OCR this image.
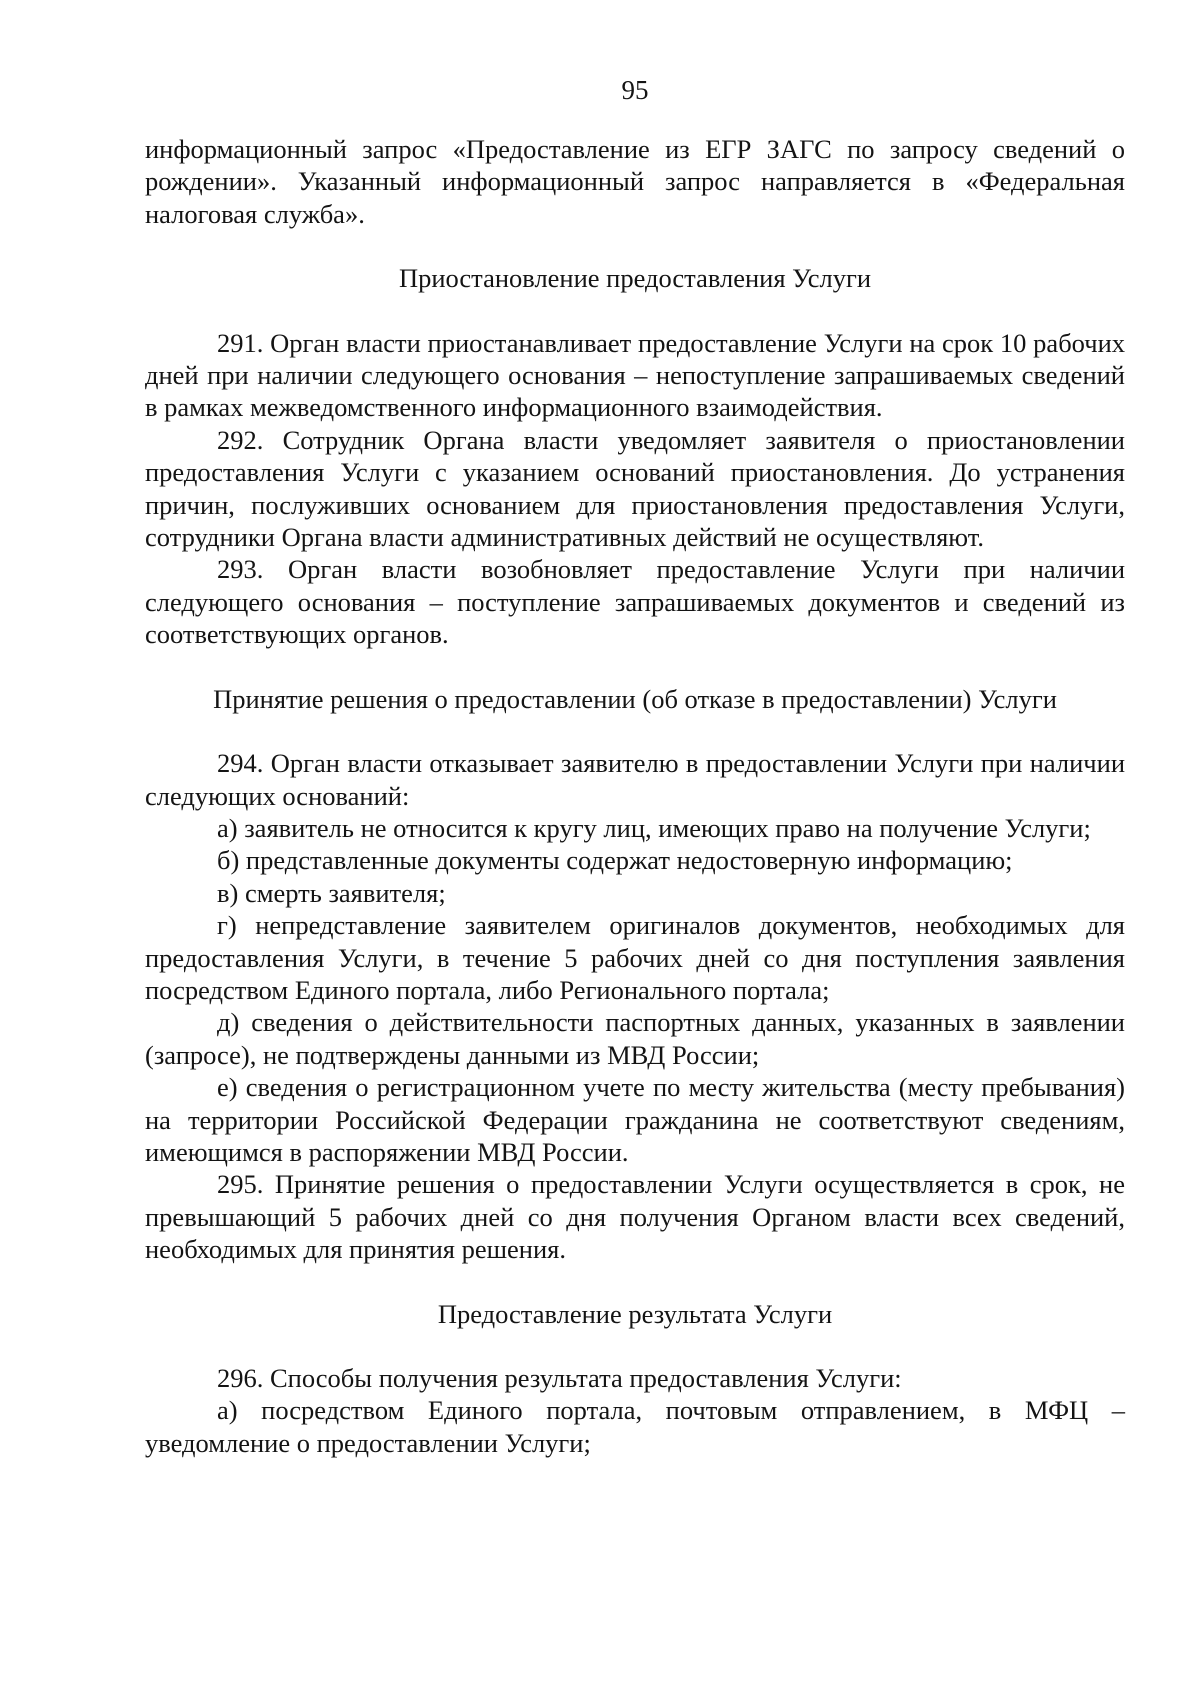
95

информационный запрос «Предоставление из ЕГР ЗАГС по запросу сведений о рождении». Указанный информационный запрос направляется в «Федеральная налоговая служба».

Приостановление предоставления Услуги

291. Орган власти приостанавливает предоставление Услуги на срок 10 рабочих дней при наличии следующего основания – непоступление запрашиваемых сведений в рамках межведомственного информационного взаимодействия.

292. Сотрудник Органа власти уведомляет заявителя о приостановлении предоставления Услуги с указанием оснований приостановления. До устранения причин, послуживших основанием для приостановления предоставления Услуги, сотрудники Органа власти административных действий не осуществляют.

293. Орган власти возобновляет предоставление Услуги при наличии следующего основания – поступление запрашиваемых документов и сведений из соответствующих органов.

Принятие решения о предоставлении (об отказе в предоставлении) Услуги

294. Орган власти отказывает заявителю в предоставлении Услуги при наличии следующих оснований:

а) заявитель не относится к кругу лиц, имеющих право на получение Услуги;

б) представленные документы содержат недостоверную информацию;

в) смерть заявителя;

г) непредставление заявителем оригиналов документов, необходимых для предоставления Услуги, в течение 5 рабочих дней со дня поступления заявления посредством Единого портала, либо Регионального портала;

д) сведения о действительности паспортных данных, указанных в заявлении (запросе), не подтверждены данными из МВД России;

е) сведения о регистрационном учете по месту жительства (месту пребывания) на территории Российской Федерации гражданина не соответствуют сведениям, имеющимся в распоряжении МВД России.

295. Принятие решения о предоставлении Услуги осуществляется в срок, не превышающий 5 рабочих дней со дня получения Органом власти всех сведений, необходимых для принятия решения.

Предоставление результата Услуги

296. Способы получения результата предоставления Услуги:

а) посредством Единого портала, почтовым отправлением, в МФЦ – уведомление о предоставлении Услуги;
